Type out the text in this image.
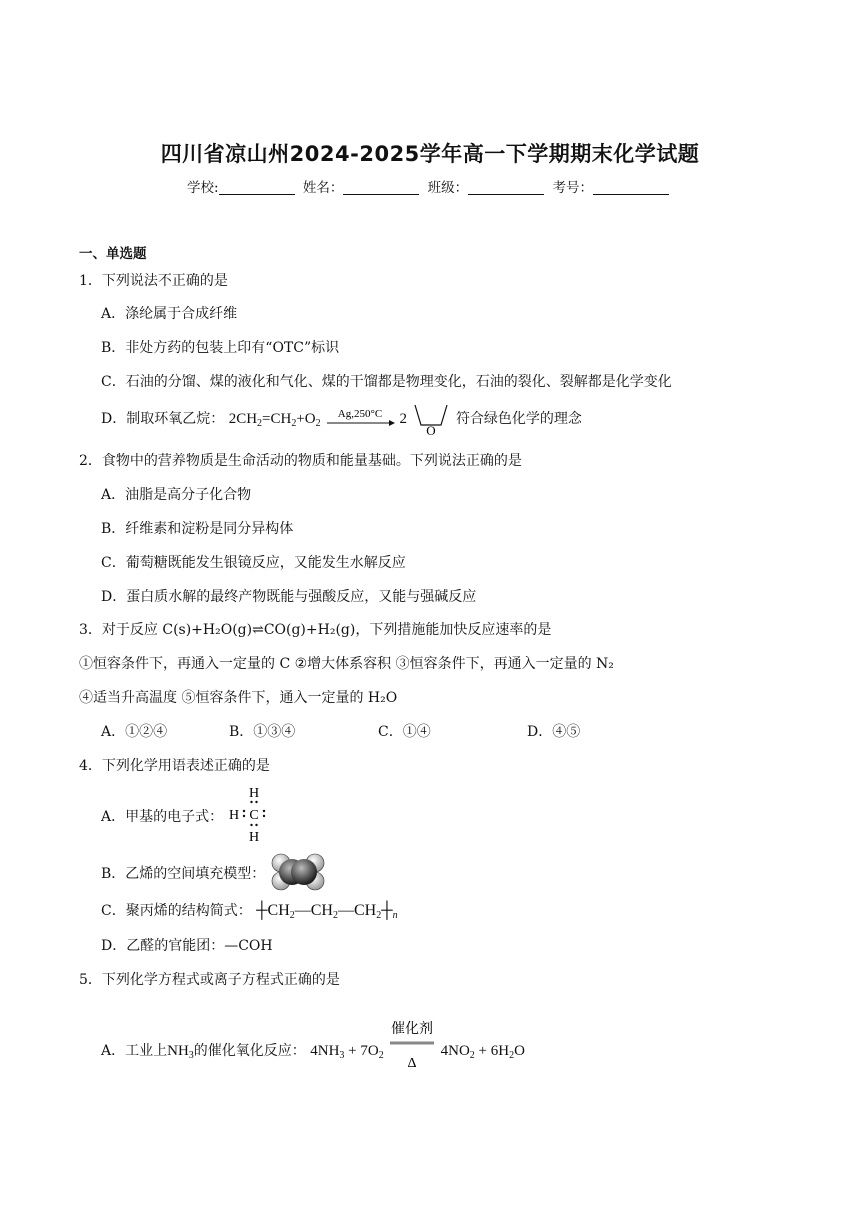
四川省凉山州2024-2025学年高一下学期期末化学试题
学校:	姓名：	班级：	考号：
一、单选题
1．下列说法不正确的是
A．涤纶属于合成纤维
B．非处方药的包装上印有“OTC”标识
C．石油的分馏、煤的液化和气化、煤的干馏都是物理变化，石油的裂化、裂解都是化学变化
D．制取环氧乙烷： $2CH_2=CH_2+O_2$
Ag,250°C 2
O
符合绿色化学的理念
2．食物中的营养物质是生命活动的物质和能量基础。下列说法正确的是
A．油脂是高分子化合物
B．纤维素和淀粉是同分异构体
C．葡萄糖既能发生银镜反应，又能发生水解反应
D．蛋白质水解的最终产物既能与强酸反应，又能与强碱反应
3．对于反应 C(s)+H₂O(g)⇌CO(g)+H₂(g)，下列措施能加快反应速率的是
①恒容条件下，再通入一定量的 C ②增大体系容积 ③恒容条件下，再通入一定量的 N₂
④适当升高温度 ⑤恒容条件下，通入一定量的 H₂O
A．①②④	B．①③④	C．①④	D．④⑤
4．下列化学用语表述正确的是
A．甲基的电子式：
H
H C
H
B．乙烯的空间填充模型：
C．聚丙烯的结构简式： $┼CH_2—CH_2—CH_2┼_n$
D．乙醛的官能团：—COH
5．下列化学方程式或离子方程式正确的是
A．工业上$NH_3$的催化氧化反应： $4NH_3 + 7O_2$
催化剂
Δ
$4NO_2 + 6H_2O$
